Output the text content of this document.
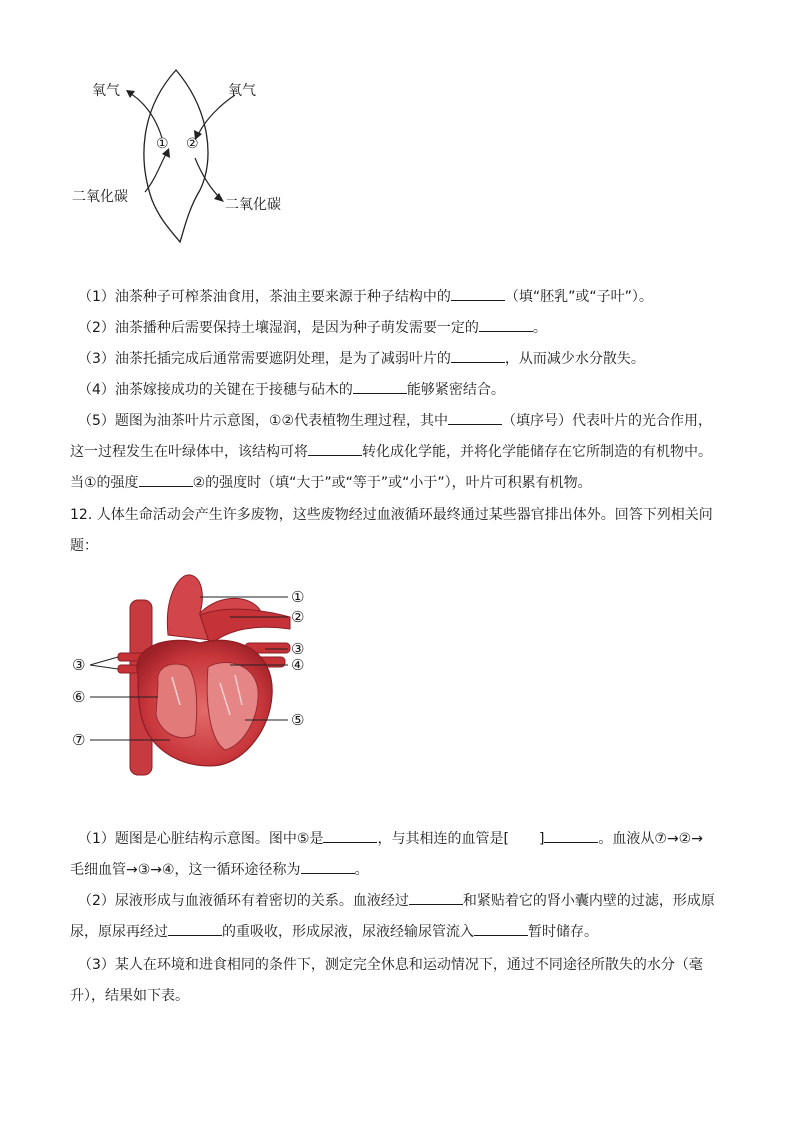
氧气	氧气
① ②
二氧化碳	二氧化碳
（1）油茶种子可榨茶油食用，茶油主要来源于种子结构中的	（填“胚乳”或“子叶”）。
（2）油茶播种后需要保持土壤湿润，是因为种子萌发需要一定的	。
（3）油茶托插完成后通常需要遮阴处理，是为了减弱叶片的	，从而减少水分散失。
（4）油茶嫁接成功的关键在于接穗与砧木的	能够紧密结合。
（5）题图为油茶叶片示意图，①②代表植物生理过程，其中	（填序号）代表叶片的光合作用，
这一过程发生在叶绿体中，该结构可将	转化成化学能，并将化学能储存在它所制造的有机物中。
当①的强度	②的强度时（填“大于”或“等于”或“小于”），叶片可积累有机物。
12. 人体生命活动会产生许多废物，这些废物经过血液循环最终通过某些器官排出体外。回答下列相关问
题：
①
②
③
④
⑤
③
⑥
⑦
（1）题图是心脏结构示意图。图中⑤是	，与其相连的血管是[ ]	。血液从⑦→②→
毛细血管→③→④，这一循环途径称为	。
（2）尿液形成与血液循环有着密切的关系。血液经过	和紧贴着它的肾小囊内壁的过滤，形成原
尿，原尿再经过	的重吸收，形成尿液，尿液经输尿管流入	暂时储存。
（3）某人在环境和进食相同的条件下，测定完全休息和运动情况下，通过不同途径所散失的水分（毫
升），结果如下表。
